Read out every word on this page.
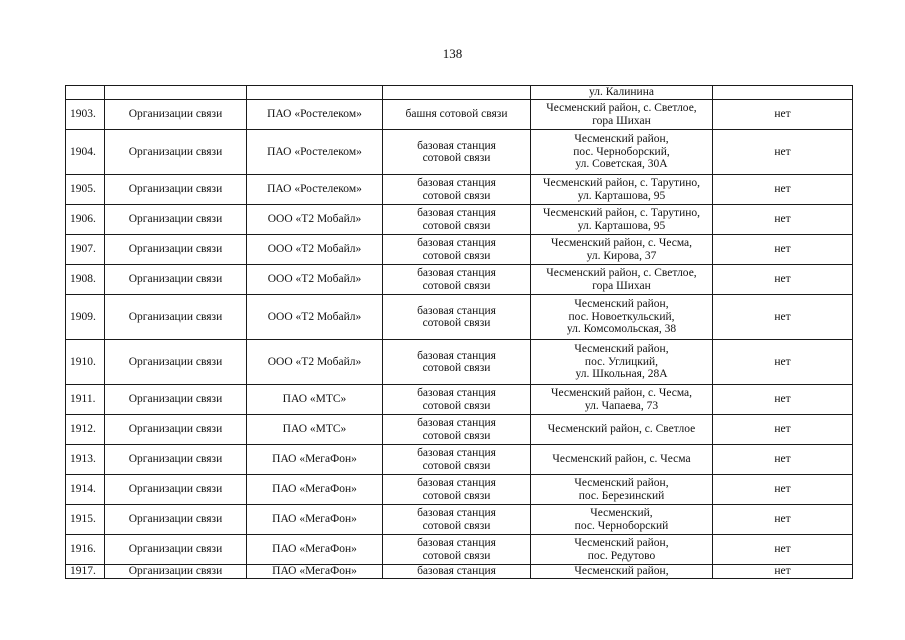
138
				ул. Калинина	
1903.	Организации связи	ПАО «Ростелеком»	башня сотовой связи	Чесменский район, с. Светлое,
гора Шихан	нет
1904.	Организации связи	ПАО «Ростелеком»	базовая станция
сотовой связи	Чесменский район,
пос. Черноборский,
ул. Советская, 30А	нет
1905.	Организации связи	ПАО «Ростелеком»	базовая станция
сотовой связи	Чесменский район, с. Тарутино,
ул. Карташова, 95	нет
1906.	Организации связи	ООО «Т2 Мобайл»	базовая станция
сотовой связи	Чесменский район, с. Тарутино,
ул. Карташова, 95	нет
1907.	Организации связи	ООО «Т2 Мобайл»	базовая станция
сотовой связи	Чесменский район, с. Чесма,
ул. Кирова, 37	нет
1908.	Организации связи	ООО «Т2 Мобайл»	базовая станция
сотовой связи	Чесменский район, с. Светлое,
гора Шихан	нет
1909.	Организации связи	ООО «Т2 Мобайл»	базовая станция
сотовой связи	Чесменский район,
пос. Новоеткульский,
ул. Комсомольская, 38	нет
1910.	Организации связи	ООО «Т2 Мобайл»	базовая станция
сотовой связи	Чесменский район,
пос. Углицкий,
ул. Школьная, 28А	нет
1911.	Организации связи	ПАО «МТС»	базовая станция
сотовой связи	Чесменский район, с. Чесма,
ул. Чапаева, 73	нет
1912.	Организации связи	ПАО «МТС»	базовая станция
сотовой связи	Чесменский район, с. Светлое	нет
1913.	Организации связи	ПАО «МегаФон»	базовая станция
сотовой связи	Чесменский район, с. Чесма	нет
1914.	Организации связи	ПАО «МегаФон»	базовая станция
сотовой связи	Чесменский район,
пос. Березинский	нет
1915.	Организации связи	ПАО «МегаФон»	базовая станция
сотовой связи	Чесменский,
пос. Черноборский	нет
1916.	Организации связи	ПАО «МегаФон»	базовая станция
сотовой связи	Чесменский район,
пос. Редутово	нет
1917.	Организации связи	ПАО «МегаФон»	базовая станция	Чесменский район,	нет
